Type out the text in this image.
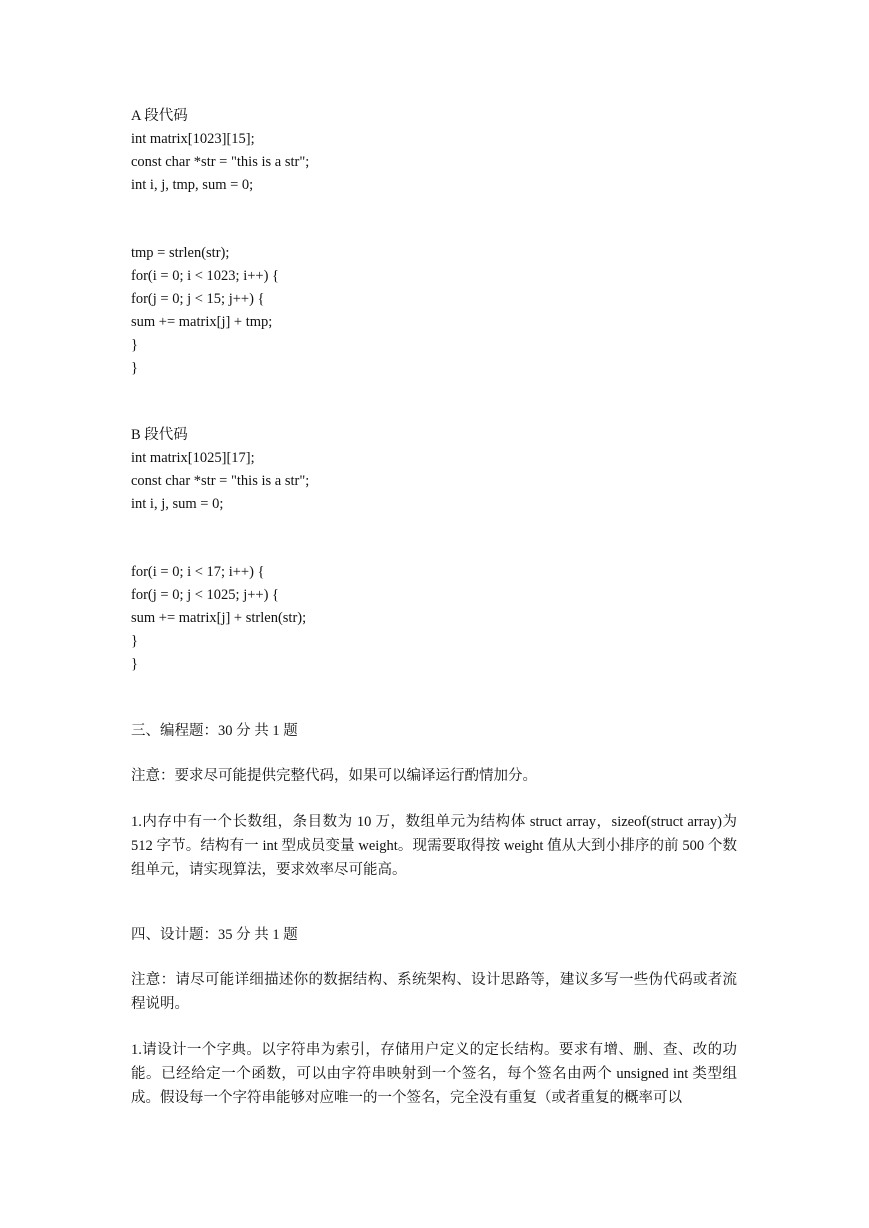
A 段代码
int matrix[1023][15];
const char *str = "this is a str";
int i, j, tmp, sum = 0;
tmp = strlen(str);
for(i = 0; i < 1023; i++) {
for(j = 0; j < 15; j++) {
sum += matrix[j] + tmp;
}
}
B 段代码
int matrix[1025][17];
const char *str = "this is a str";
int i, j, sum = 0;
for(i = 0; i < 17; i++) {
for(j = 0; j < 1025; j++) {
sum += matrix[j] + strlen(str);
}
}
三、编程题：30 分 共 1 题
注意：要求尽可能提供完整代码，如果可以编译运行酌情加分。
1.内存中有一个长数组，条目数为 10 万，数组单元为结构体 struct array，sizeof(struct array)为 512 字节。结构有一 int 型成员变量 weight。现需要取得按 weight 值从大到小排序的前 500 个数组单元，请实现算法，要求效率尽可能高。
四、设计题：35 分 共 1 题
注意：请尽可能详细描述你的数据结构、系统架构、设计思路等，建议多写一些伪代码或者流程说明。
1.请设计一个字典。以字符串为索引，存储用户定义的定长结构。要求有增、删、查、改的功能。已经给定一个函数，可以由字符串映射到一个签名，每个签名由两个 unsigned int 类型组成。假设每一个字符串能够对应唯一的一个签名，完全没有重复（或者重复的概率可以
